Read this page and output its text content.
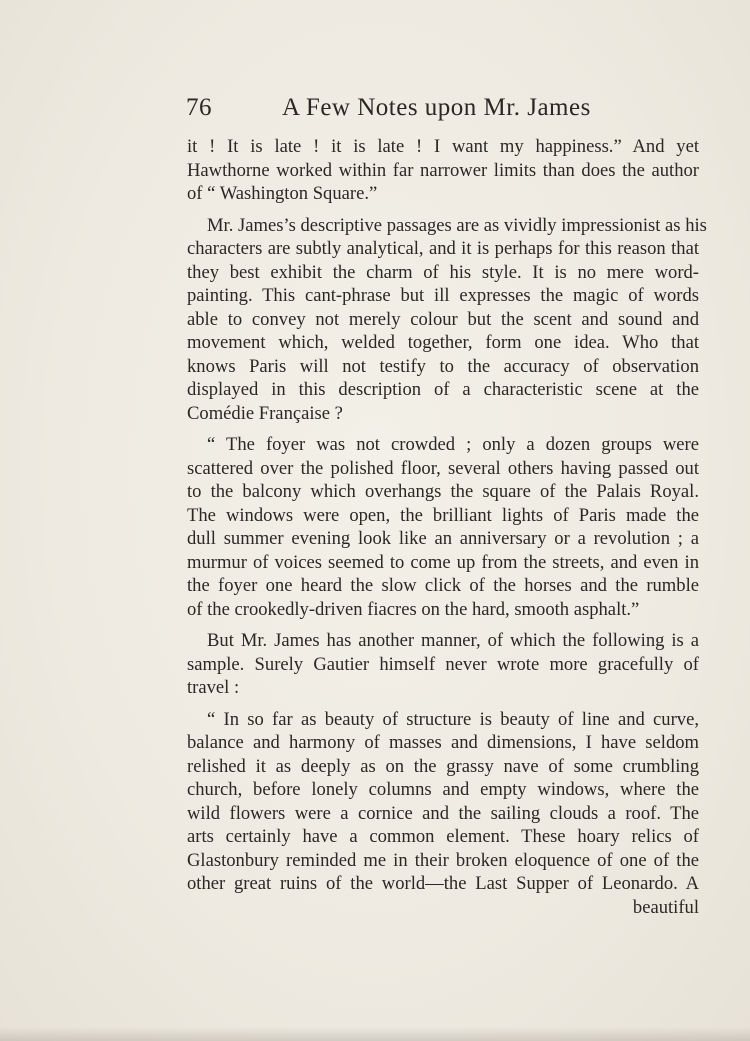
76	A Few Notes upon Mr. James
it ! It is late ! it is late ! I want my happiness.” And yet
Hawthorne worked within far narrower limits than does the author
of “ Washington Square.”
Mr. James’s descriptive passages are as vividly impressionist as his
characters are subtly analytical, and it is perhaps for this reason that
they best exhibit the charm of his style. It is no mere word-
painting. This cant-phrase but ill expresses the magic of words
able to convey not merely colour but the scent and sound and
movement which, welded together, form one idea. Who that
knows Paris will not testify to the accuracy of observation
displayed in this description of a characteristic scene at the
Comédie Française ?
“ The foyer was not crowded ; only a dozen groups were
scattered over the polished floor, several others having passed out
to the balcony which overhangs the square of the Palais Royal.
The windows were open, the brilliant lights of Paris made the
dull summer evening look like an anniversary or a revolution ; a
murmur of voices seemed to come up from the streets, and even in
the foyer one heard the slow click of the horses and the rumble
of the crookedly-driven fiacres on the hard, smooth asphalt.”
But Mr. James has another manner, of which the following is a
sample. Surely Gautier himself never wrote more gracefully of
travel :
“ In so far as beauty of structure is beauty of line and curve,
balance and harmony of masses and dimensions, I have seldom
relished it as deeply as on the grassy nave of some crumbling
church, before lonely columns and empty windows, where the
wild flowers were a cornice and the sailing clouds a roof. The
arts certainly have a common element. These hoary relics of
Glastonbury reminded me in their broken eloquence of one of the
other great ruins of the world—the Last Supper of Leonardo. A
beautiful
